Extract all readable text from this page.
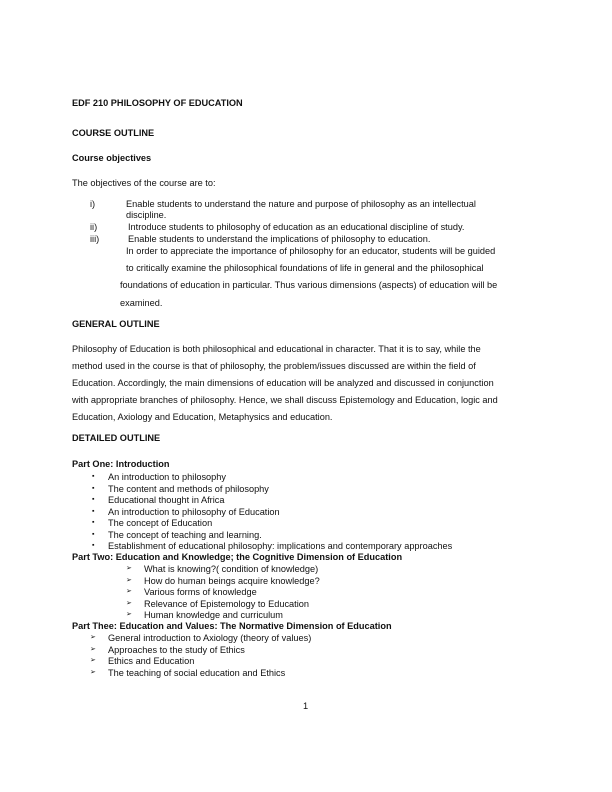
EDF 210 PHILOSOPHY OF EDUCATION
COURSE OUTLINE
Course objectives
The objectives of the course are to:
i)	Enable students to understand the nature and purpose of philosophy as an intellectual
discipline.
ii)	Introduce students to philosophy of education as an educational discipline of study.
iii)	Enable students to understand the implications of philosophy to education.
In order to appreciate the importance of philosophy for an educator, students will be guided
to critically examine the philosophical foundations of life in general and the philosophical
foundations of education in particular. Thus various dimensions (aspects) of education will be
examined.
GENERAL OUTLINE
Philosophy of Education is both philosophical and educational in character. That it is to say, while the
method used in the course is that of philosophy, the problem/issues discussed are within the field of
Education. Accordingly, the main dimensions of education will be analyzed and discussed in conjunction
with appropriate branches of philosophy. Hence, we shall discuss Epistemology and Education, logic and
Education, Axiology and Education, Metaphysics and education.
DETAILED OUTLINE
Part One: Introduction
Part Two: Education and Knowledge; the Cognitive Dimension of Education
Part Thee: Education and Values: The Normative Dimension of Education
1
▪ An introduction to philosophy
▪ The content and methods of philosophy
▪ Educational thought in Africa
▪ An introduction to philosophy of Education
▪ The concept of Education
▪ The concept of teaching and learning.
▪ Establishment of educational philosophy: implications and contemporary approaches
➢ What is knowing?( condition of knowledge)
➢ How do human beings acquire knowledge?
➢ Various forms of knowledge
➢ Relevance of Epistemology to Education
➢ Human knowledge and curriculum
➢ General introduction to Axiology (theory of values)
➢ Approaches to the study of Ethics
➢ Ethics and Education
➢ The teaching of social education and Ethics
